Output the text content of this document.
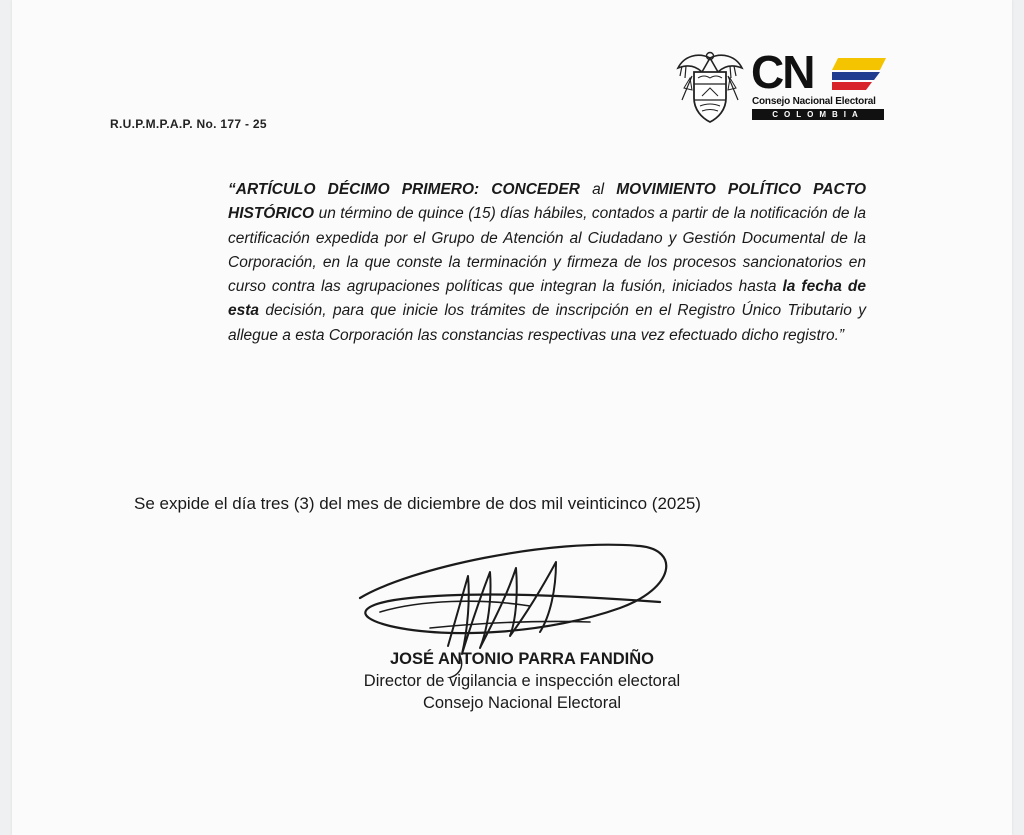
R.U.P.M.P.A.P. No. 177 - 25
CN
Consejo Nacional Electoral
COLOMBIA
“ARTÍCULO DÉCIMO PRIMERO: CONCEDER al MOVIMIENTO POLÍTICO PACTO HISTÓRICO un término de quince (15) días hábiles, contados a partir de la notificación de la certificación expedida por el Grupo de Atención al Ciudadano y Gestión Documental de la Corporación, en la que conste la terminación y firmeza de los procesos sancionatorios en curso contra las agrupaciones políticas que integran la fusión, iniciados hasta la fecha de esta decisión, para que inicie los trámites de inscripción en el Registro Único Tributario y allegue a esta Corporación las constancias respectivas una vez efectuado dicho registro.”
Se expide el día tres (3) del mes de diciembre de dos mil veinticinco (2025)
JOSÉ ANTONIO PARRA FANDIÑO
Director de vigilancia e inspección electoral
Consejo Nacional Electoral
